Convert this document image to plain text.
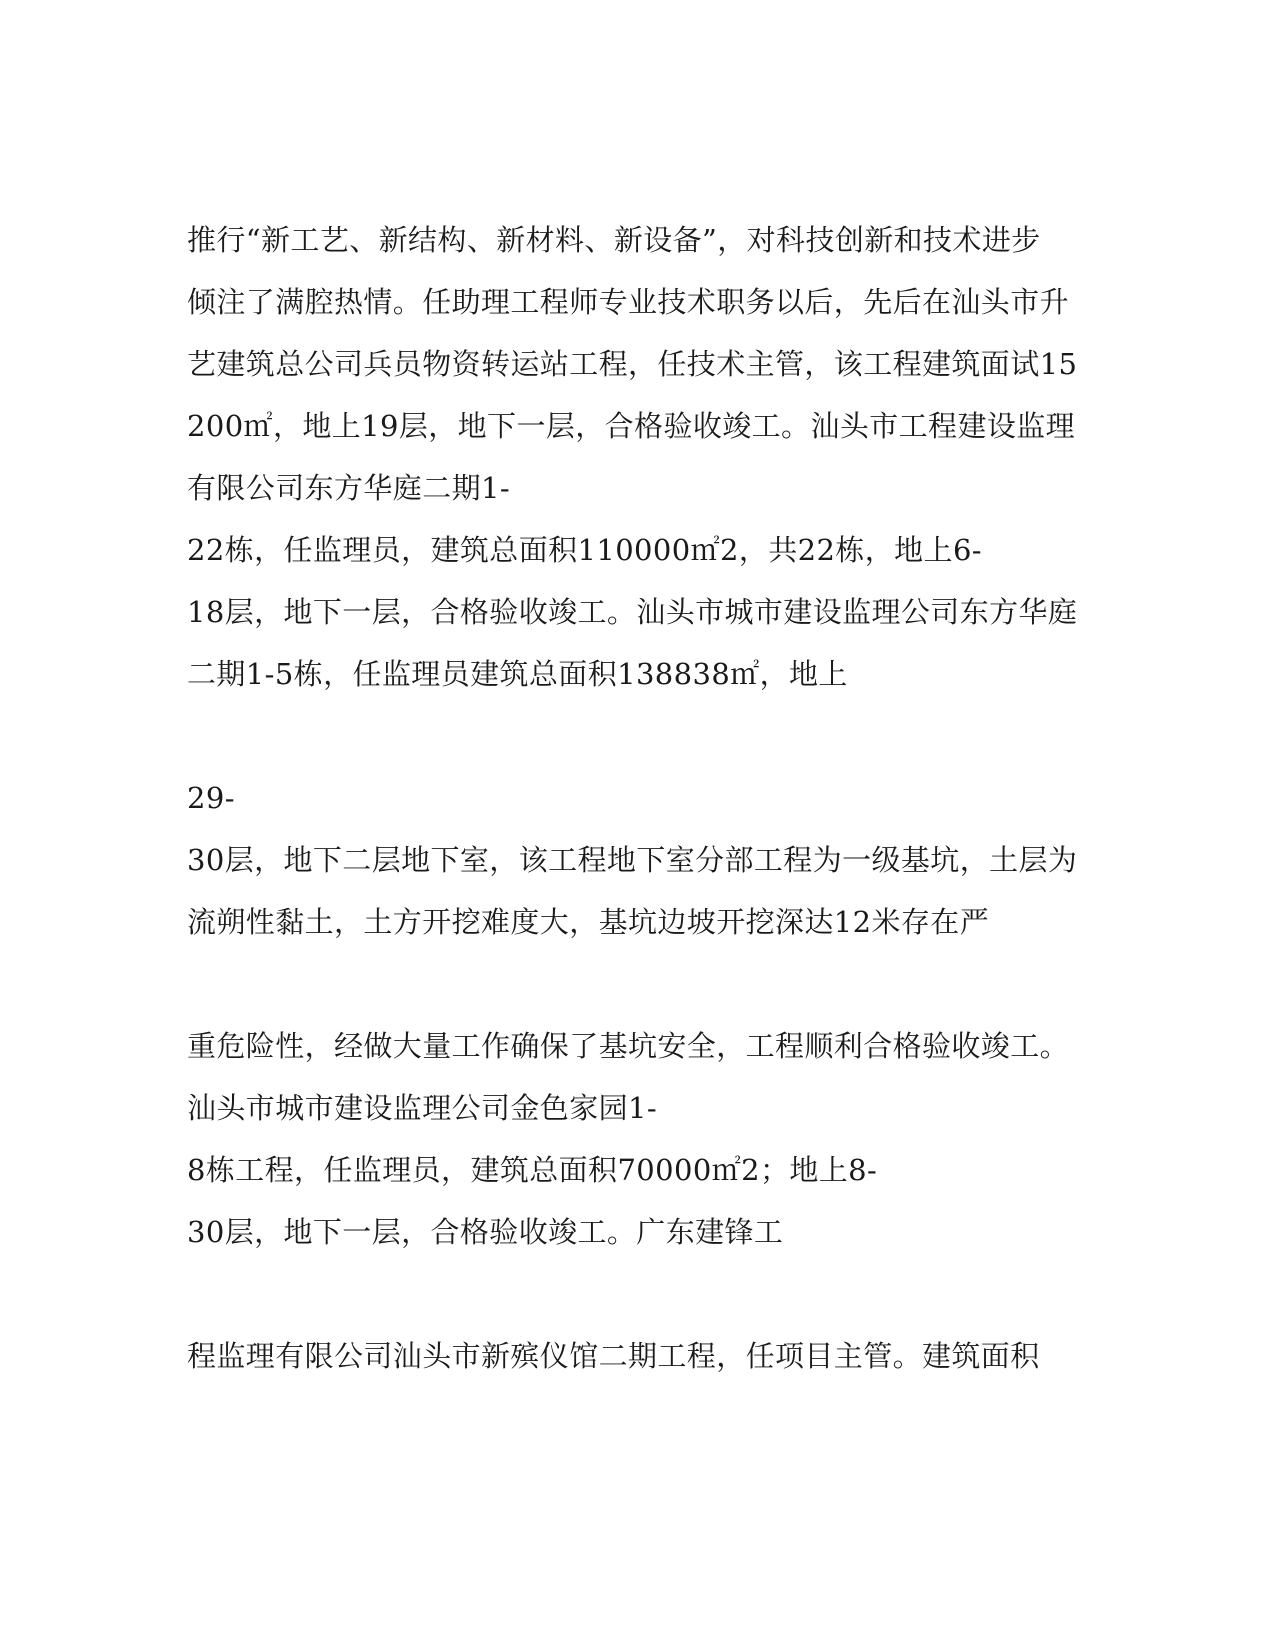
推行“新工艺、新结构、新材料、新设备”，对科技创新和技术进步

倾注了满腔热情。任助理工程师专业技术职务以后，先后在汕头市升

艺建筑总公司兵员物资转运站工程，任技术主管，该工程建筑面试15

200㎡，地上19层，地下一层，合格验收竣工。汕头市工程建设监理

有限公司东方华庭二期1-

22栋，任监理员，建筑总面积110000㎡2，共22栋，地上6-

18层，地下一层，合格验收竣工。汕头市城市建设监理公司东方华庭

二期1-5栋，任监理员建筑总面积138838㎡，地上

29-

30层，地下二层地下室，该工程地下室分部工程为一级基坑，土层为

流朔性黏土，土方开挖难度大，基坑边坡开挖深达12米存在严

重危险性，经做大量工作确保了基坑安全，工程顺利合格验收竣工。

汕头市城市建设监理公司金色家园1-

8栋工程，任监理员，建筑总面积70000㎡2；地上8-

30层，地下一层，合格验收竣工。广东建锋工

程监理有限公司汕头市新殡仪馆二期工程，任项目主管。建筑面积
